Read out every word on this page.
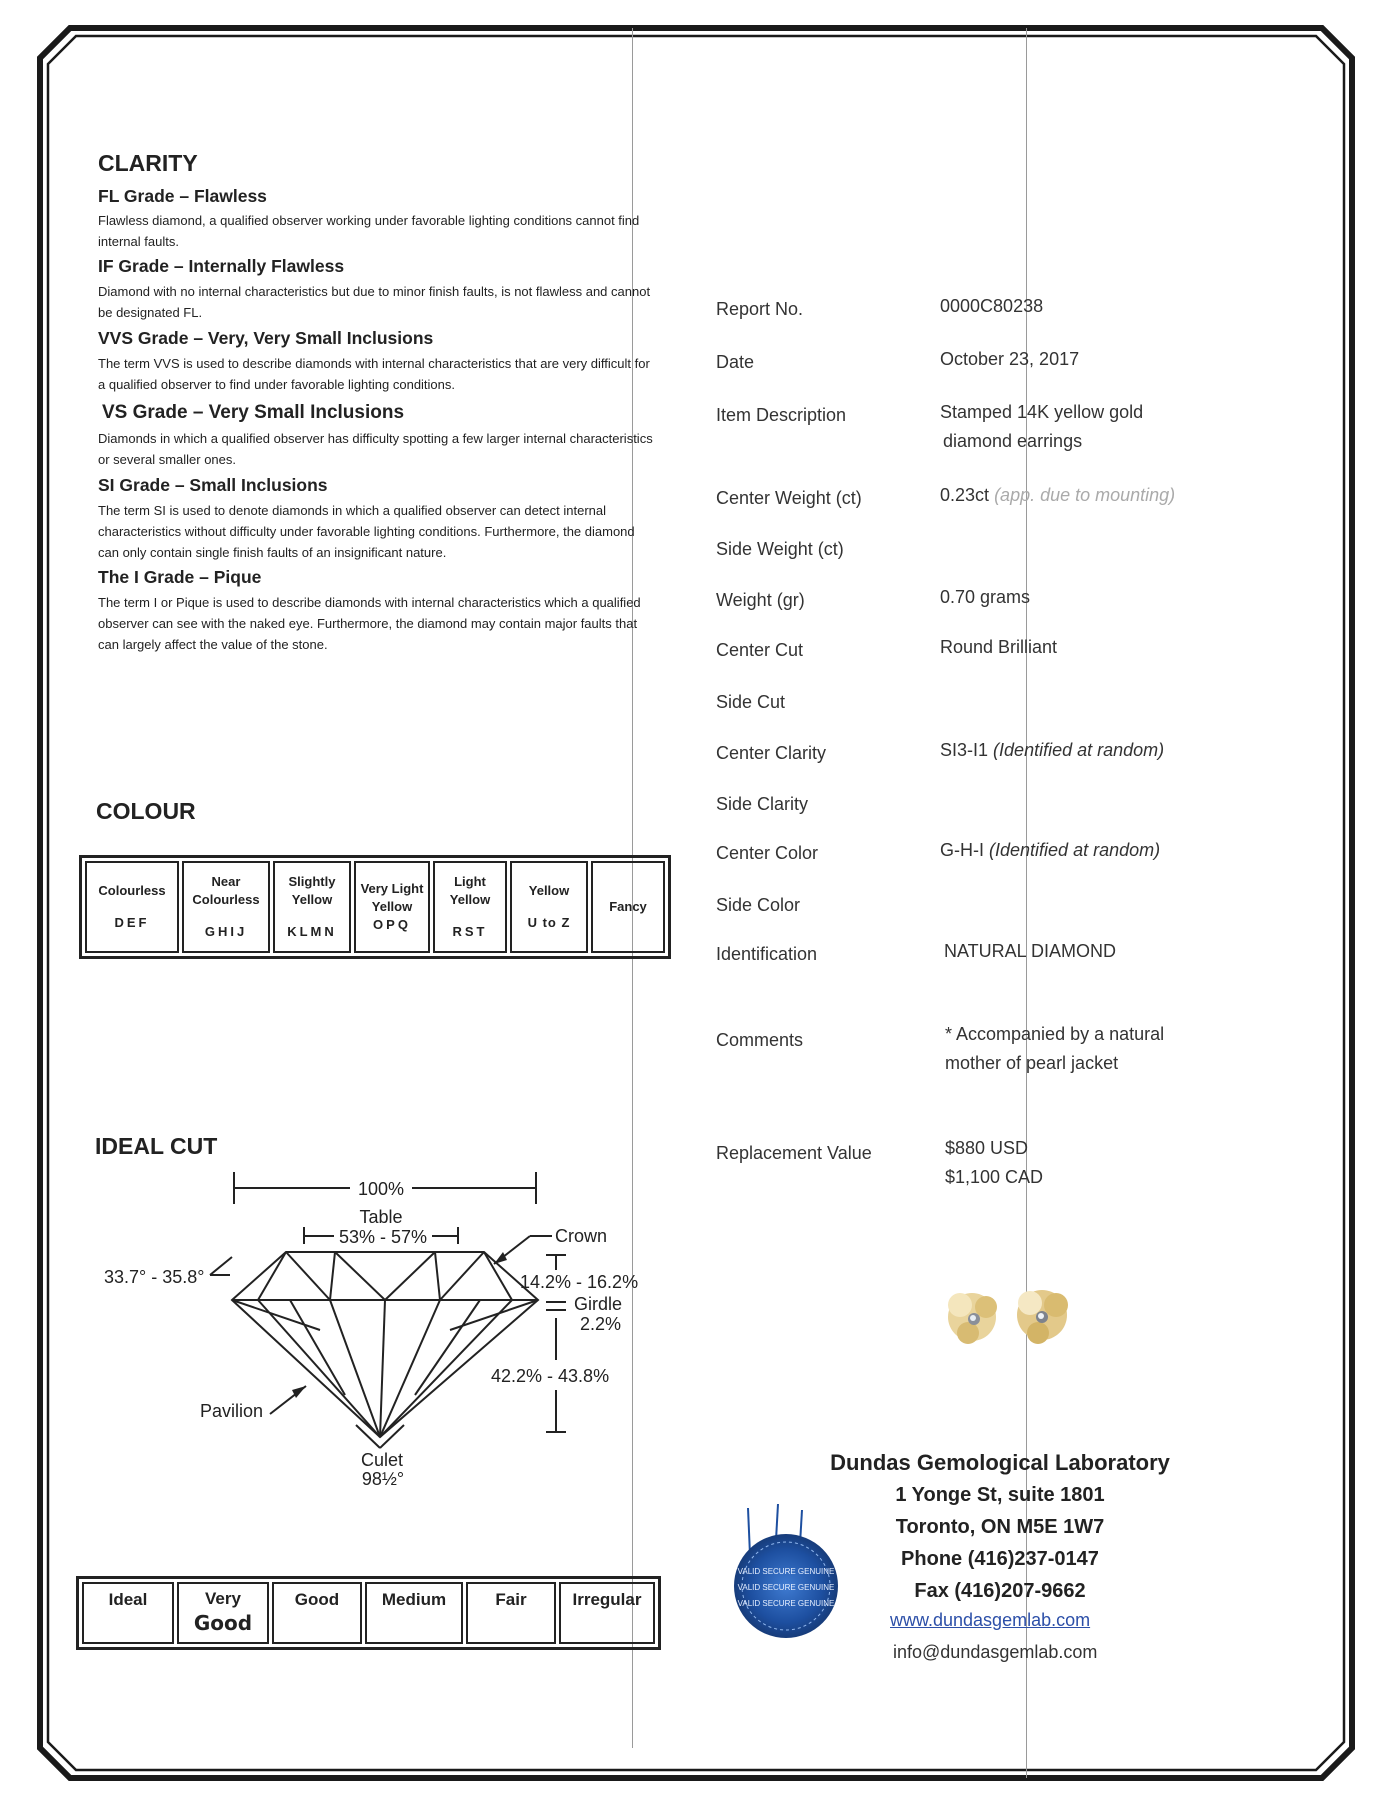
CLARITY
FL Grade – Flawless
Flawless diamond, a qualified observer working under favorable lighting conditions cannot find internal faults.
IF Grade – Internally Flawless
Diamond with no internal characteristics but due to minor finish faults, is not flawless and cannot be designated FL.
VVS Grade – Very, Very Small Inclusions
The term VVS is used to describe diamonds with internal characteristics that are very difficult for a qualified observer to find under favorable lighting conditions.
VS Grade – Very Small Inclusions
Diamonds in which a qualified observer has difficulty spotting a few larger internal characteristics or several smaller ones.
SI Grade – Small Inclusions
The term SI is used to denote diamonds in which a qualified observer can detect internal characteristics without difficulty under favorable lighting conditions. Furthermore, the diamond can only contain single finish faults of an insignificant nature.
The I Grade – Pique
The term I or Pique is used to describe diamonds with internal characteristics which a qualified observer can see with the naked eye. Furthermore, the diamond may contain major faults that can largely affect the value of the stone.
COLOUR
Colourless
DEF
	Near Colourless
GHIJ
	Slightly Yellow
KLMN
	Very Light Yellow
OPQ
	Light Yellow
RST
	Yellow
U to Z
	Fancy
IDEAL CUT
100%
Table
53% - 57%	Crown
33.7° - 35.8°	14.2% - 16.2%
Girdle
2.2%
42.2% - 43.8%
Pavilion
Culet
98½°
Ideal	Very
Good	Good	Medium	Fair	Irregular
Report No.	0000C80238
Date	October 23, 2017
Item Description	Stamped 14K yellow gold
diamond earrings
Center Weight (ct)	0.23ct (app. due to mounting)
Side Weight (ct)
Weight (gr)	0.70 grams
Center Cut	Round Brilliant
Side Cut
Center Clarity	SI3-I1 (Identified at random)
Side Clarity
Center Color	G-H-I (Identified at random)
Side Color
Identification	NATURAL DIAMOND
Comments	* Accompanied by a natural
mother of pearl jacket
Replacement Value	$880 USD
$1,100 CAD
VALID SECURE GENUINE
VALID SECURE GENUINE
VALID SECURE GENUINE
Dundas Gemological Laboratory
1 Yonge St, suite 1801
Toronto, ON M5E 1W7
Phone (416)237-0147
Fax (416)207-9662
www.dundasgemlab.com
info@dundasgemlab.com
